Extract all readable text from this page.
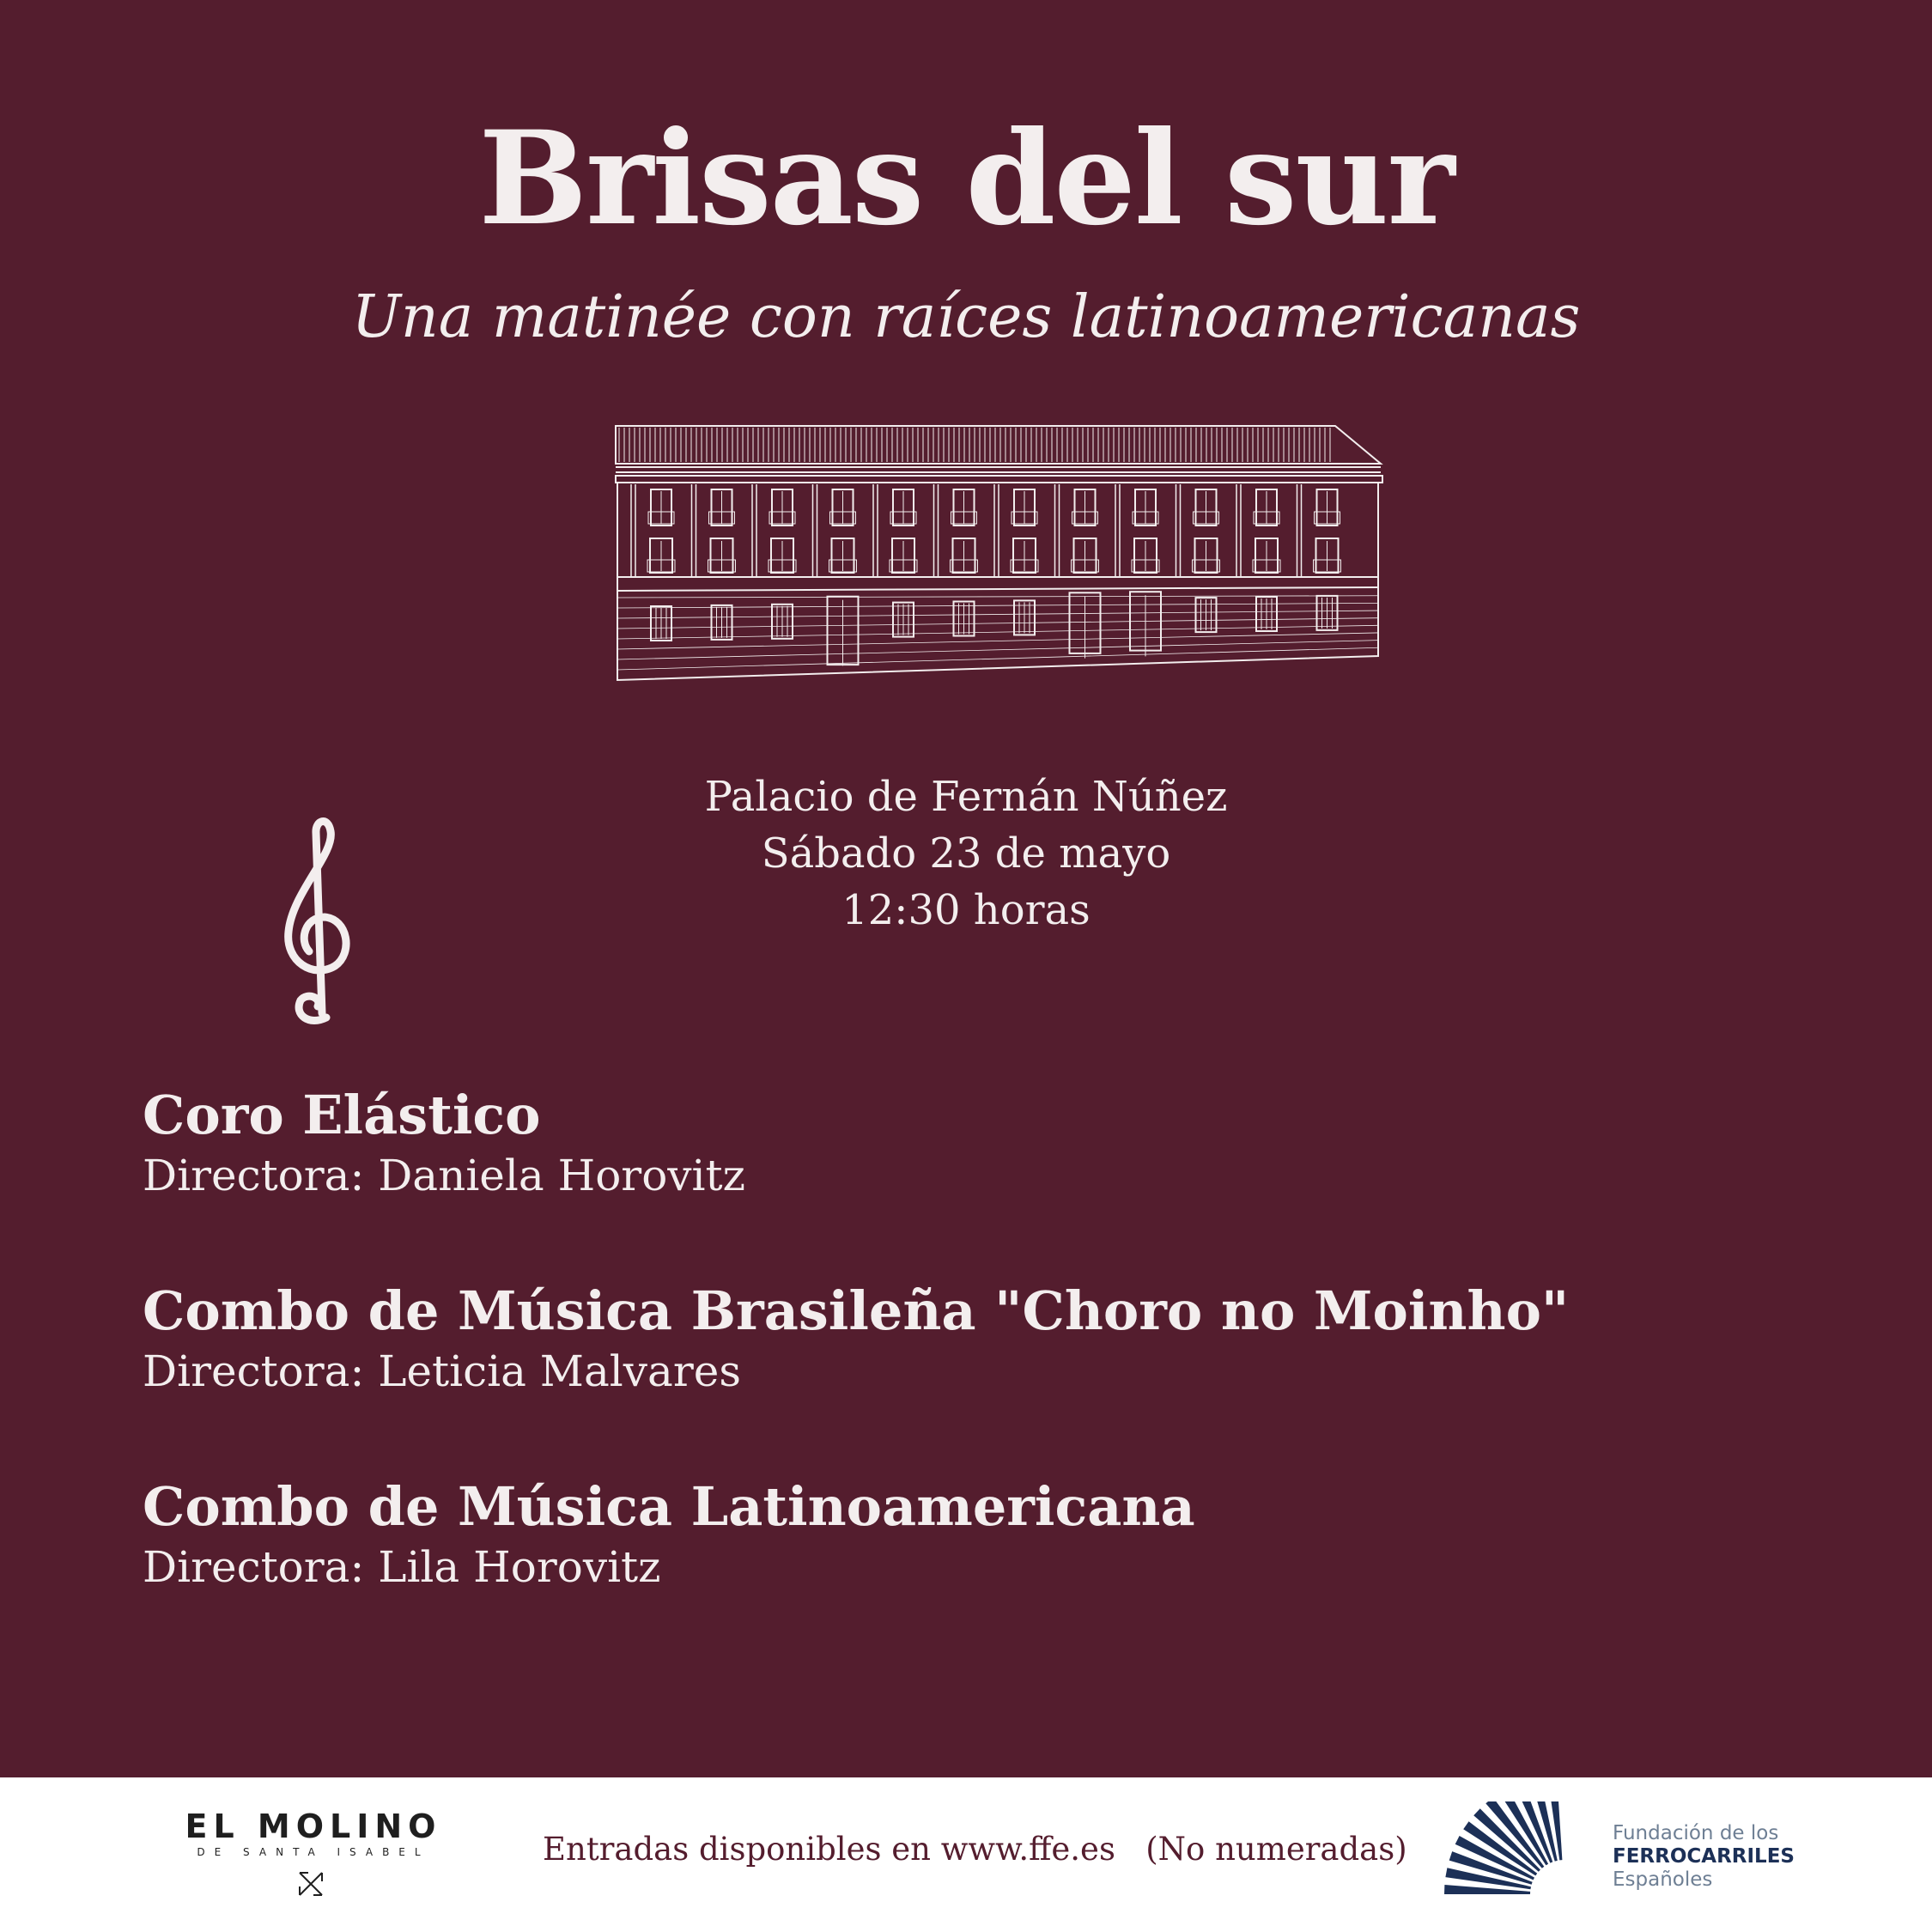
Brisas del sur

Una matinée con raíces latinoamericanas

Palacio de Fernán Núñez
Sábado 23 de mayo
12:30 horas
Coro Elástico
Directora: Daniela Horovitz
Combo de Música Brasileña "Choro no Moinho"
Directora: Leticia Malvares
Combo de Música Latinoamericana
Directora: Lila Horovitz
EL MOLINO
DE SANTA ISABEL	Entradas disponibles en www.ffe.es   (No numeradas)	Fundación de los
FERROCARRILES
Españoles
